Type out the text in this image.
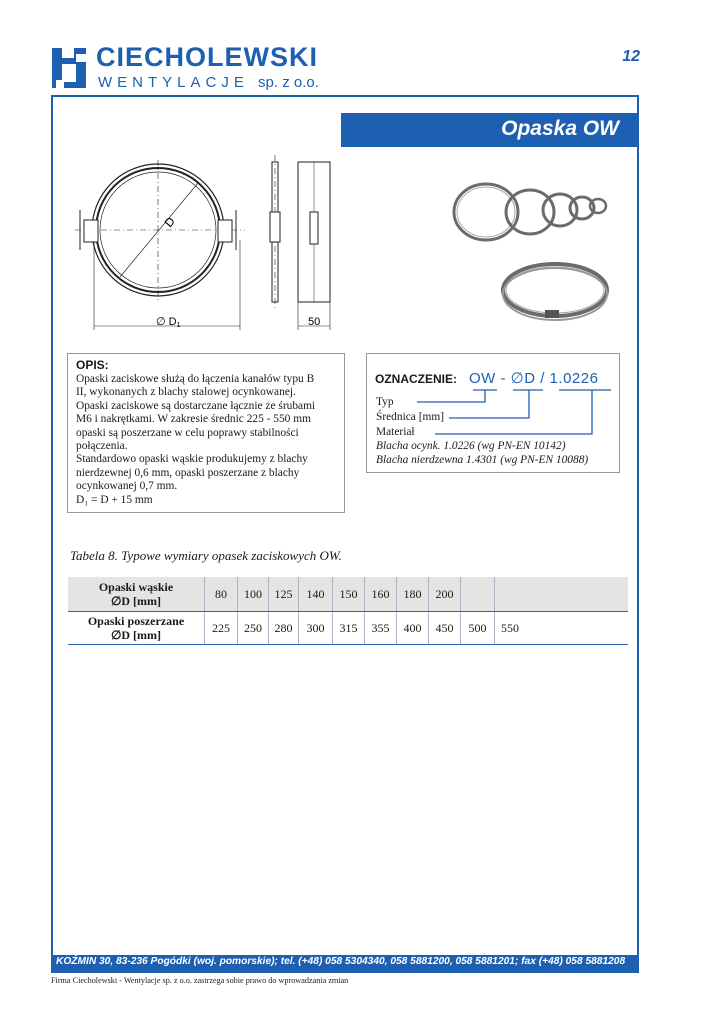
CIECHOLEWSKI
WENTYLACJE sp. z o.o.
12
Opaska OW
D
∅ D1	50
OPIS:
Opaski zaciskowe służą do łączenia kanałów typu B
II, wykonanych z blachy stalowej ocynkowanej.
Opaski zaciskowe są dostarczane łącznie ze śrubami
M6 i nakrętkami. W zakresie średnic 225 - 550 mm
opaski są poszerzane w celu poprawy stabilności
połączenia.
Standardowo opaski wąskie produkujemy z blachy
nierdzewnej 0,6 mm, opaski poszerzane z blachy
ocynkowanej 0,7 mm.
D₁ = D + 15 mm
OZNACZENIE: OW - ∅D / 1.0226
Typ
Średnica [mm]
Materiał
Blacha ocynk. 1.0226 (wg PN-EN 10142)
Blacha nierdzewna 1.4301 (wg PN-EN 10088)
Tabela 8. Typowe wymiary opasek zaciskowych OW.
Opaski wąskie
∅D [mm]	80	100	125	140	150	160	180	200		
Opaski poszerzane
∅D [mm]	225	250	280	300	315	355	400	450	500	550
KOŹMIN 30, 83-236 Pogódki (woj. pomorskie); tel. (+48) 058 5304340, 058 5881200, 058 5881201; fax (+48) 058 5881208
Firma Ciecholewski - Wentylacje sp. z o.o. zastrzega sobie prawo do wprowadzania zmian
